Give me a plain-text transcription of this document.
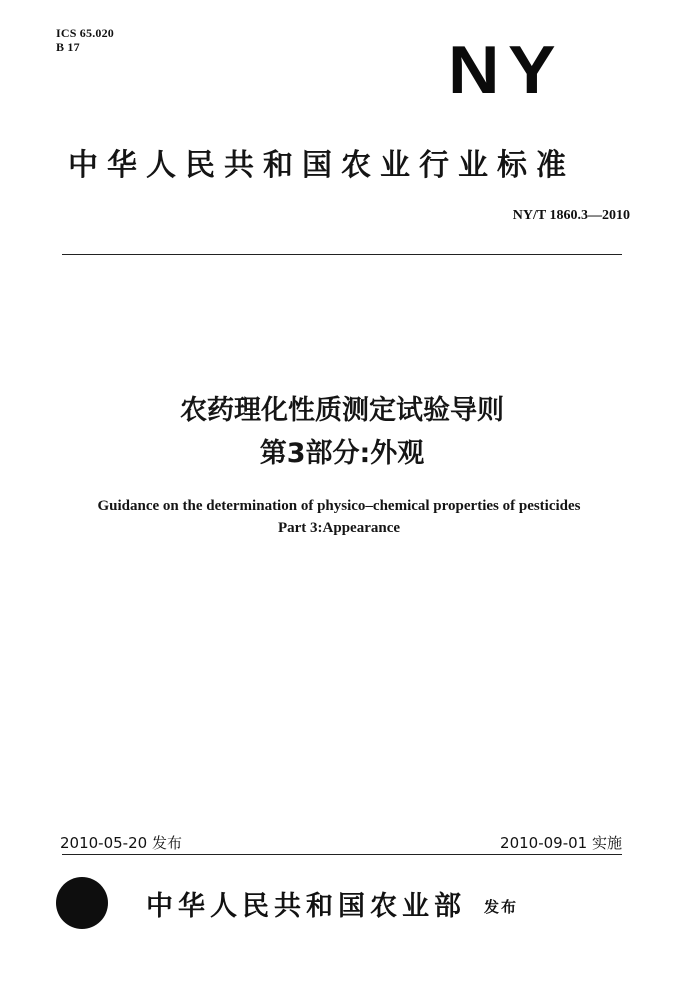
ICS 65.020
B 17	NY
中华人民共和国农业行业标准
NY/T 1860.3—2010
农药理化性质测定试验导则
第3部分:外观
Guidance on the determination of physico–chemical properties of pesticides
Part 3:Appearance
2010-05-20 发布	2010-09-01 实施
中华人民共和国农业部 发布
